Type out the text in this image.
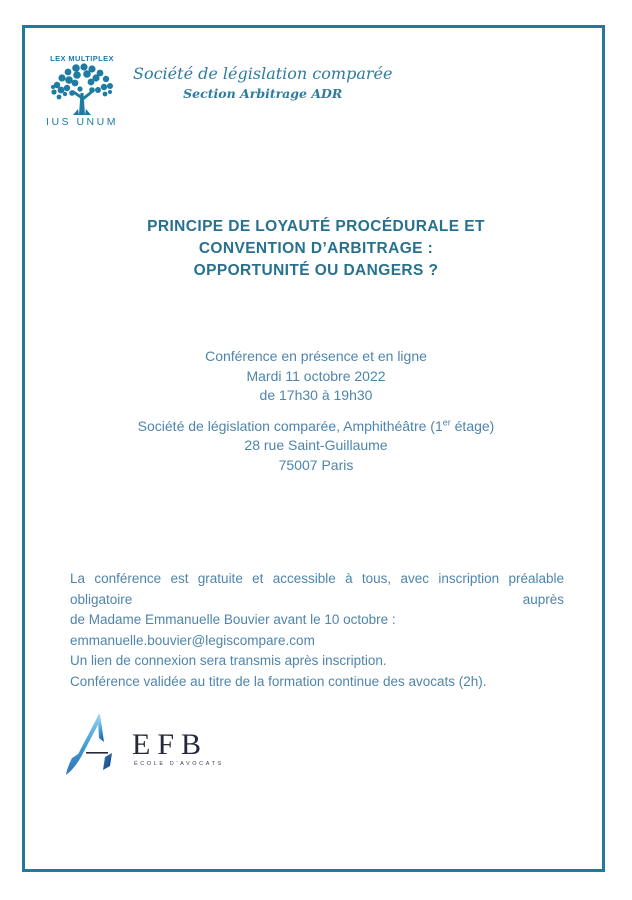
LEX MULTIPLEX
IUS UNUM
Société de législation comparée
Section Arbitrage ADR
PRINCIPE DE LOYAUTÉ PROCÉDURALE ET
CONVENTION D’ARBITRAGE :
OPPORTUNITÉ OU DANGERS ?
Conférence en présence et en ligne
Mardi 11 octobre 2022
de 17h30 à 19h30
Société de législation comparée, Amphithéâtre (1er étage)
28 rue Saint-Guillaume
75007 Paris
La conférence est gratuite et accessible à tous, avec inscription préalable obligatoire auprès
de Madame Emmanuelle Bouvier avant le 10 octobre :
emmanuelle.bouvier@legiscompare.com
Un lien de connexion sera transmis après inscription.
Conférence validée au titre de la formation continue des avocats (2h).
EFB
ÉCOLE D’AVOCATS
